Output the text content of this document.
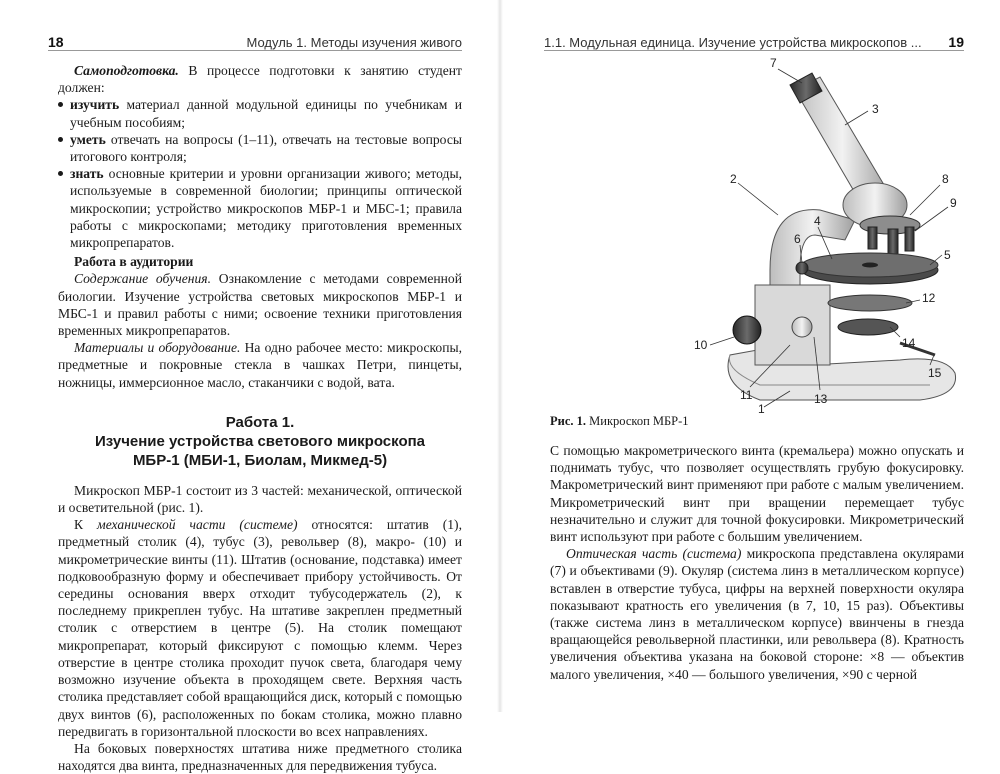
18	Модуль 1. Методы изучения живого

Самоподготовка. В процессе подготовки к занятию студент должен:

изучить материал данной модульной единицы по учебникам и учебным пособиям;
уметь отвечать на вопросы (1–11), отвечать на тестовые вопросы итогового контроля;
знать основные критерии и уровни организации живого; методы, используемые в современной биологии; принципы оптической микроскопии; устройство микроскопов МБР-1 и МБС-1; правила работы с микроскопами; методику приготовления временных микропрепаратов.

Работа в аудитории

Содержание обучения. Ознакомление с методами современной биологии. Изучение устройства световых микроскопов МБР-1 и МБС-1 и правил работы с ними; освоение техники приготовления временных микропрепаратов.

Материалы и оборудование. На одно рабочее место: микроскопы, предметные и покровные стекла в чашках Петри, пинцеты, ножницы, иммерсионное масло, стаканчики с водой, вата.

Работа 1.
Изучение устройства светового микроскопа
МБР-1 (МБИ-1, Биолам, Микмед-5)

Микроскоп МБР-1 состоит из 3 частей: механической, оптической и осветительной (рис. 1).

К механической части (системе) относятся: штатив (1), предметный столик (4), тубус (3), револьвер (8), макро- (10) и микрометрические винты (11). Штатив (основание, подставка) имеет подковообразную форму и обеспечивает прибору устойчивость. От середины основания вверх отходит тубусодержатель (2), к последнему прикреплен тубус. На штативе закреплен предметный столик с отверстием в центре (5). На столик помещают микропрепарат, который фиксируют с помощью клемм. Через отверстие в центре столика проходит пучок света, благодаря чему возможно изучение объекта в проходящем свете. Верхняя часть столика представляет собой вращающийся диск, который с помощью двух винтов (6), расположенных по бокам столика, можно плавно передвигать в горизонтальной плоскости во всех направлениях.

На боковых поверхностях штатива ниже предметного столика находятся два винта, предназначенных для передвижения тубуса.

1.1. Модульная единица. Изучение устройства микроскопов ... 19
7
3
2	8
9
4
6
5
12
14
10
15
11
1
13
Рис. 1. Микроскоп МБР-1

С помощью макрометрического винта (кремальера) можно опускать и поднимать тубус, что позволяет осуществлять грубую фокусировку. Макрометрический винт применяют при работе с малым увеличением. Микрометрический винт при вращении перемещает тубус незначительно и служит для точной фокусировки. Микрометрический винт используют при работе с большим увеличением.

Оптическая часть (система) микроскопа представлена окулярами (7) и объективами (9). Окуляр (система линз в металлическом корпусе) вставлен в отверстие тубуса, цифры на верхней поверхности окуляра показывают кратность его увеличения (в 7, 10, 15 раз). Объективы (также система линз в металлическом корпусе) ввинчены в гнезда вращающейся револьверной пластинки, или револьвера (8). Кратность увеличения объектива указана на боковой стороне: ×8 — объектив малого увеличения, ×40 — большого увеличения, ×90 с черной
